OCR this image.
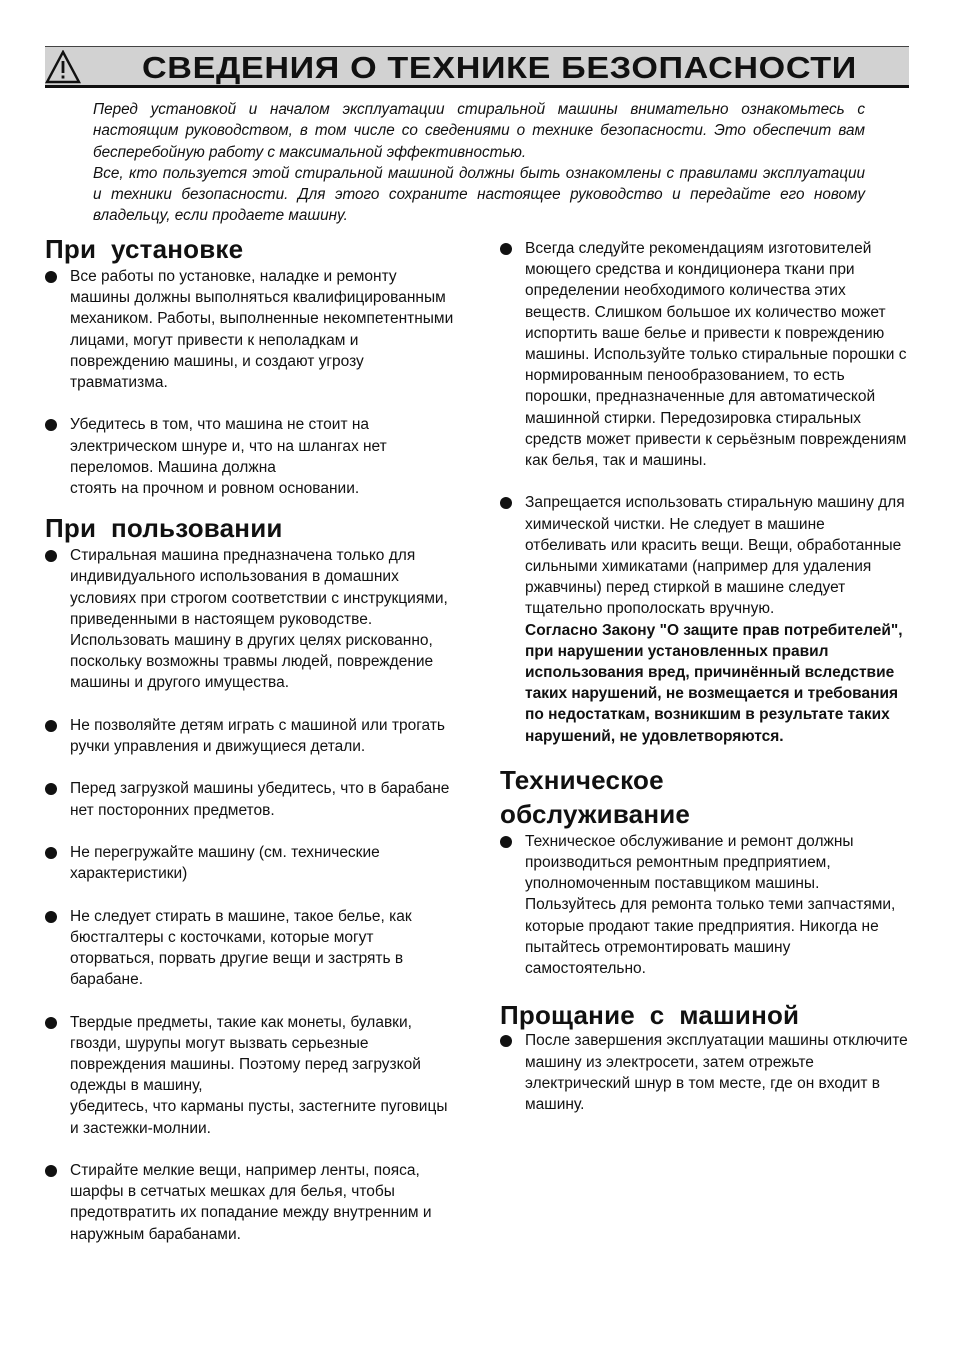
СВЕДЕНИЯ О ТЕХНИКЕ БЕЗОПАСНОСТИ

Перед установкой и началом эксплуатации стиральной машины внимательно ознакомьтесь с настоящим руководством, в том числе со сведениями о технике безопасности. Это обеспечит вам бесперебойную работу с максимальной эффективностью.

Все, кто пользуется этой стиральной машиной должны быть ознакомлены с правилами эксплуатации и техники безопасности. Для этого сохраните настоящее руководство и передайте его новому владельцу, если продаете машину.

При  установке
Все работы по установке, наладке и ремонту машины должны выполняться квалифицированным механиком. Работы, выполненные некомпетентными лицами, могут привести к неполадкам и повреждению машины, и создают угрозу травматизма.
Убедитесь в том, что машина не стоит на электрическом шнуре и, что на шлангах нет переломов. Машина должна
стоять на прочном и ровном основании.
При  пользовании
Стиральная машина предназначена только для индивидуального использования в домашних условиях при строгом соответствии с инструкциями, приведенными в настоящем руководстве. Использовать машину в других целях рискованно, поскольку возможны травмы людей, повреждение машины и другого имущества.
Не позволяйте детям играть с машиной или трогать ручки управления и движущиеся детали.
Перед загрузкой машины убедитесь, что в барабане нет посторонних предметов.
Не перегружайте машину (см. технические характеристики)
Не следует стирать в машине, такое белье, как бюстгалтеры с косточками, которые могут оторваться, порвать другие вещи и застрять в барабане.
Твердые предметы, такие как монеты, булавки, гвозди, шурупы могут вызвать серьезные повреждения машины. Поэтому перед загрузкой одежды в машину,
убедитесь, что карманы пусты, застегните пуговицы и застежки-молнии.
Стирайте мелкие вещи, например ленты, пояса, шарфы в сетчатых мешках для белья, чтобы предотвратить их попадание между внутренним и наружным барабанами.
Всегда следуйте рекомендациям изготовителей моющего средства и кондиционера ткани при определении необходимого количества этих веществ. Слишком большое их количество может испортить ваше белье и привести к повреждению машины. Используйте только стиральные порошки с нормированным пенообразованием, то есть порошки, предназначенные для автоматической машинной стирки. Передозировка стиральных средств может привести к серьёзным повреждениям как белья, так и машины.
Запрещается использовать стиральную машину для химической чистки. Не следует в машине отбеливать или красить вещи. Вещи, обработанные сильными химикатами (например для удаления ржавчины) перед стиркой в машине следует тщательно прополоскать вручную.
Согласно Закону "О защите прав потребителей", при нарушении установленных правил использования вред, причинённый вследствие таких нарушений, не возмещается и требования по недостаткам, возникшим в результате таких нарушений, не удовлетворяются.
Техническое обслуживание
Техническое обслуживание и ремонт должны производиться ремонтным предприятием, уполномоченным поставщиком машины. Пользуйтесь для ремонта только теми запчастями, которые продают такие предприятия. Никогда не пытайтесь отремонтировать машину самостоятельно.
Прощание  с  машиной
После завершения эксплуатации машины отключите машину из электросети, затем отрежьте электрический шнур в том месте, где он входит в машину.
